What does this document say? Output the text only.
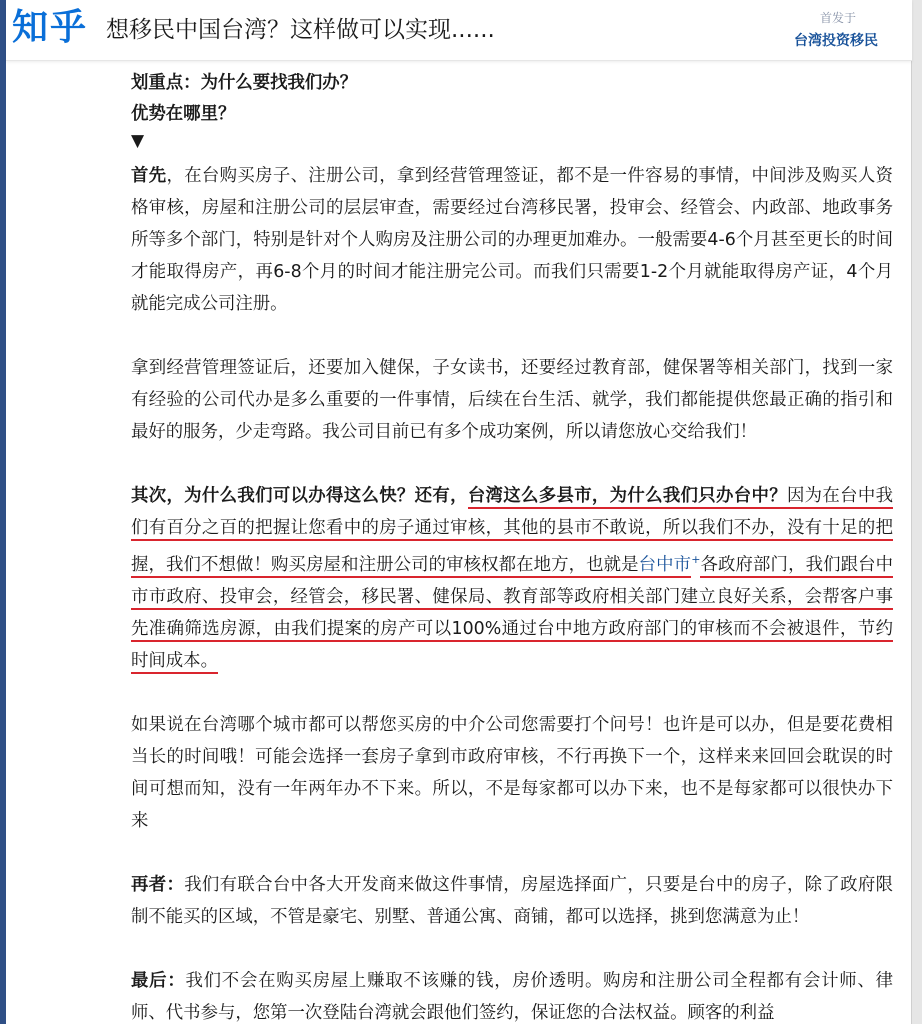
知乎 想移民中国台湾？这样做可以实现......	首发于
台湾投资移民
划重点：为什么要找我们办？
优势在哪里？
▼

首先，在台购买房子、注册公司，拿到经营管理签证，都不是一件容易的事情，中间涉及购买人资格审核，房屋和注册公司的层层审查，需要经过台湾移民署，投审会、经管会、内政部、地政事务所等多个部门，特别是针对个人购房及注册公司的办理更加难办。一般需要4-6个月甚至更长的时间才能取得房产，再6-8个月的时间才能注册完公司。而我们只需要1-2个月就能取得房产证，4个月就能完成公司注册。

拿到经营管理签证后，还要加入健保，子女读书，还要经过教育部，健保署等相关部门，找到一家有经验的公司代办是多么重要的一件事情，后续在台生活、就学，我们都能提供您最正确的指引和最好的服务，少走弯路。我公司目前已有多个成功案例，所以请您放心交给我们！

其次，为什么我们可以办得这么快？还有，台湾这么多县市，为什么我们只办台中？因为在台中我们有百分之百的把握让您看中的房子通过审核，其他的县市不敢说，所以我们不办，没有十足的把握，我们不想做！购买房屋和注册公司的审核权都在地方，也就是台中市+各政府部门，我们跟台中市市政府、投审会，经管会，移民署、健保局、教育部等政府相关部门建立良好关系，会帮客户事先准确筛选房源，由我们提案的房产可以100%通过台中地方政府部门的审核而不会被退件，节约时间成本。

如果说在台湾哪个城市都可以帮您买房的中介公司您需要打个问号！也许是可以办，但是要花费相当长的时间哦！可能会选择一套房子拿到市政府审核，不行再换下一个，这样来来回回会耽误的时间可想而知，没有一年两年办不下来。所以，不是每家都可以办下来，也不是每家都可以很快办下来

再者：我们有联合台中各大开发商来做这件事情，房屋选择面广，只要是台中的房子，除了政府限制不能买的区域，不管是豪宅、别墅、普通公寓、商铺，都可以选择，挑到您满意为止！

最后：我们不会在购买房屋上赚取不该赚的钱，房价透明。购房和注册公司全程都有会计师、律师、代书参与，您第一次登陆台湾就会跟他们签约，保证您的合法权益。顾客的利益
